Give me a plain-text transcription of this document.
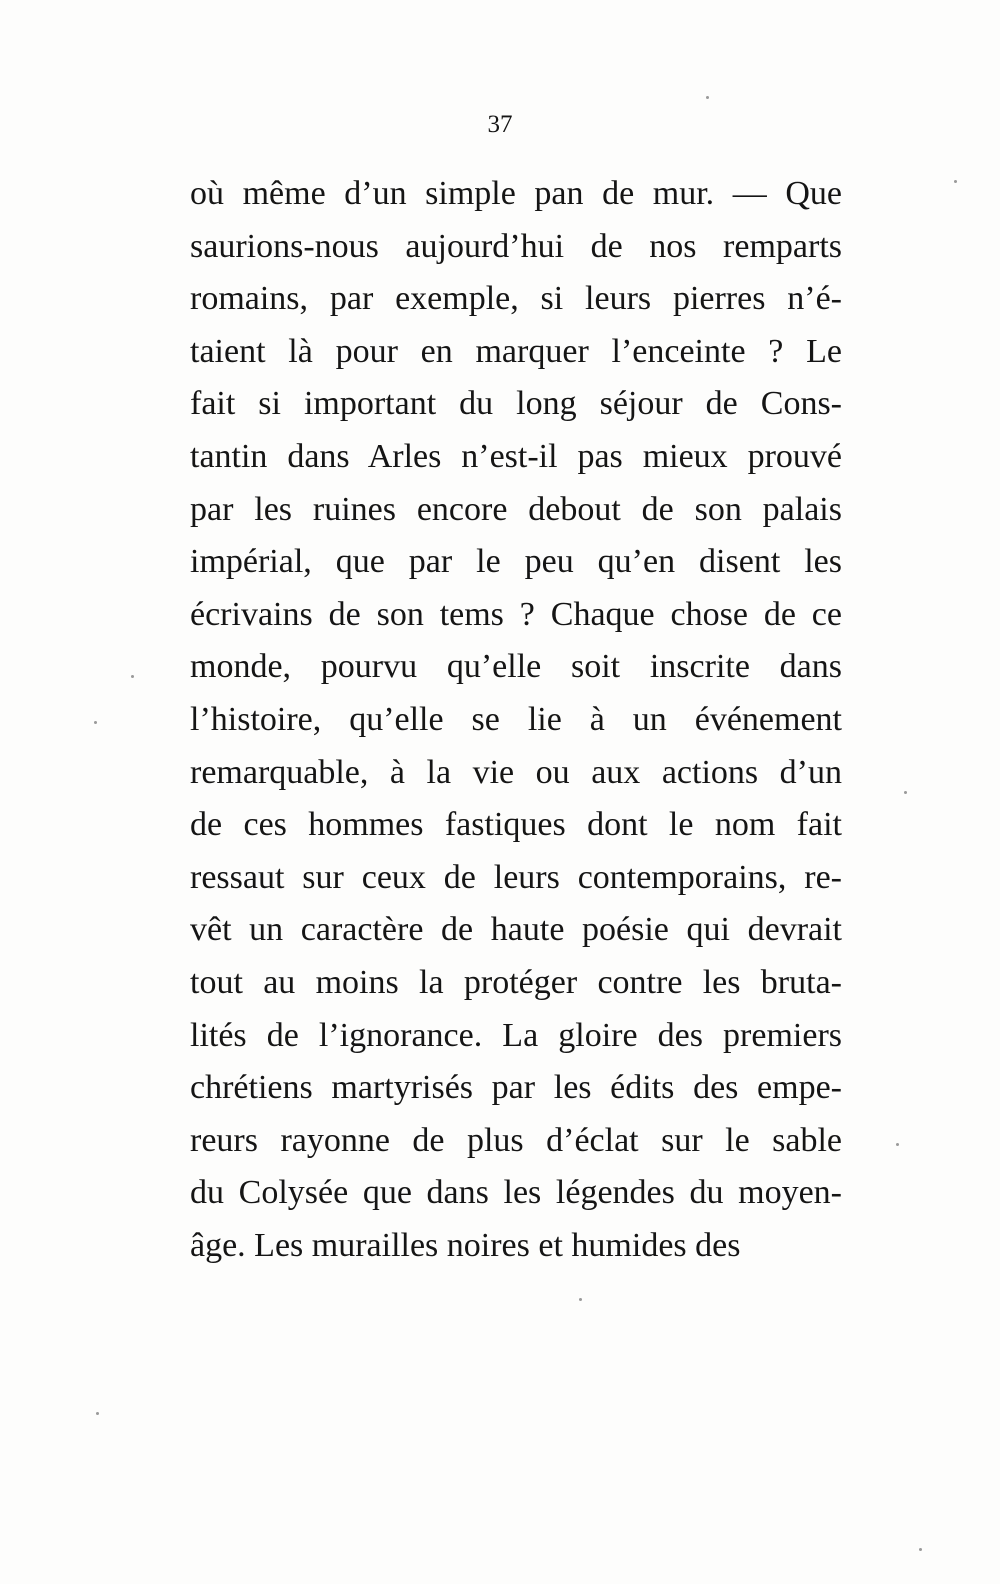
37
où même d’un simple pan de mur. — Que
saurions-nous aujourd’hui de nos remparts
romains, par exemple, si leurs pierres n’é-
taient là pour en marquer l’enceinte ? Le
fait si important du long séjour de Cons-
tantin dans Arles n’est-il pas mieux prouvé
par les ruines encore debout de son palais
impérial, que par le peu qu’en disent les
écrivains de son tems ? Chaque chose de ce
monde, pourvu qu’elle soit inscrite dans
l’histoire, qu’elle se lie à un événement
remarquable, à la vie ou aux actions d’un
de ces hommes fastiques dont le nom fait
ressaut sur ceux de leurs contemporains, re-
vêt un caractère de haute poésie qui devrait
tout au moins la protéger contre les bruta-
lités de l’ignorance. La gloire des premiers
chrétiens martyrisés par les édits des empe-
reurs rayonne de plus d’éclat sur le sable
du Colysée que dans les légendes du moyen-
âge. Les murailles noires et humides des
